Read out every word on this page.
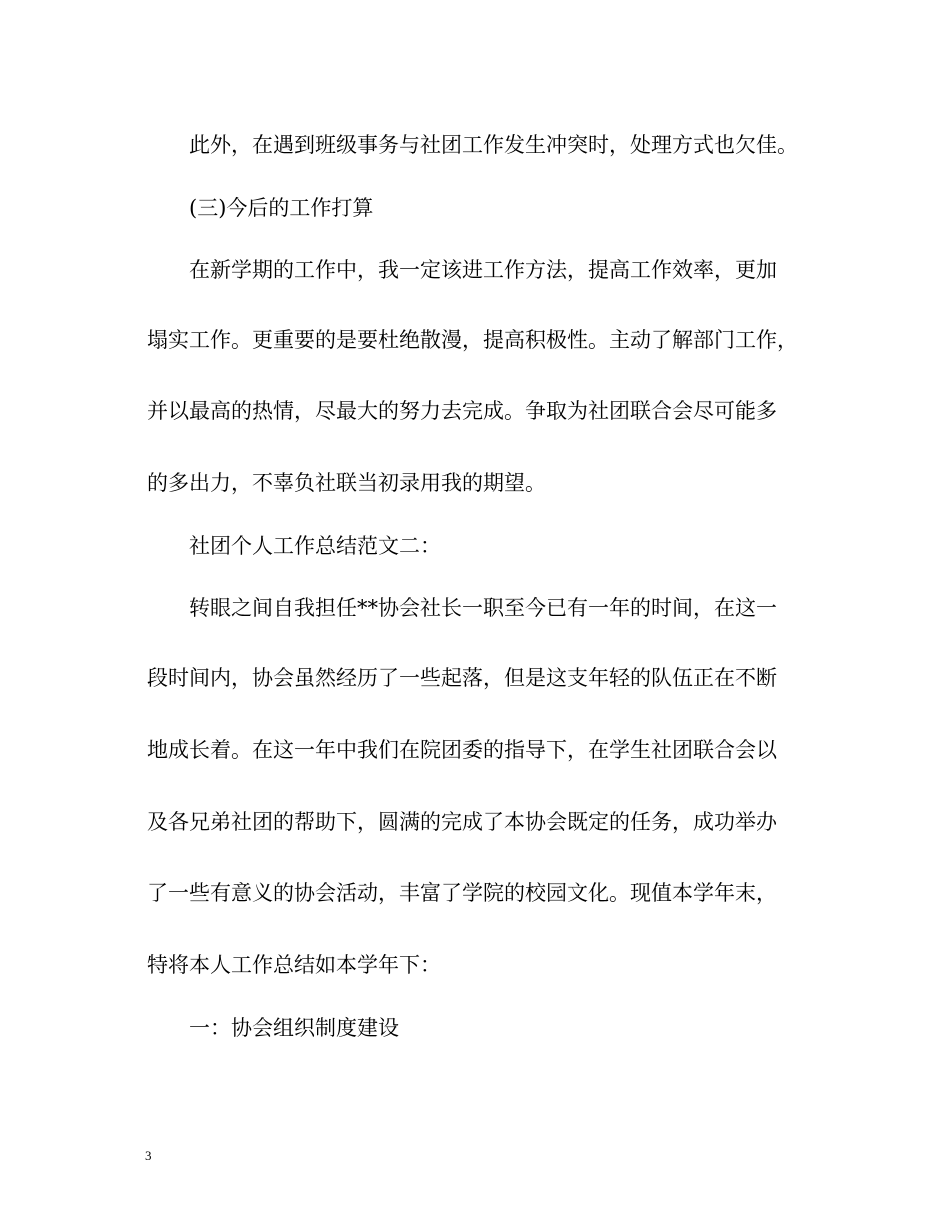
此外，在遇到班级事务与社团工作发生冲突时，处理方式也欠佳。
(三)今后的工作打算
在新学期的工作中，我一定该进工作方法，提高工作效率，更加
塌实工作。更重要的是要杜绝散漫，提高积极性。主动了解部门工作，
并以最高的热情，尽最大的努力去完成。争取为社团联合会尽可能多
的多出力，不辜负社联当初录用我的期望。
社团个人工作总结范文二：
转眼之间自我担任**协会社长一职至今已有一年的时间，在这一
段时间内，协会虽然经历了一些起落，但是这支年轻的队伍正在不断
地成长着。在这一年中我们在院团委的指导下，在学生社团联合会以
及各兄弟社团的帮助下，圆满的完成了本协会既定的任务，成功举办
了一些有意义的协会活动，丰富了学院的校园文化。现值本学年末，
特将本人工作总结如本学年下：
一：协会组织制度建设
3
